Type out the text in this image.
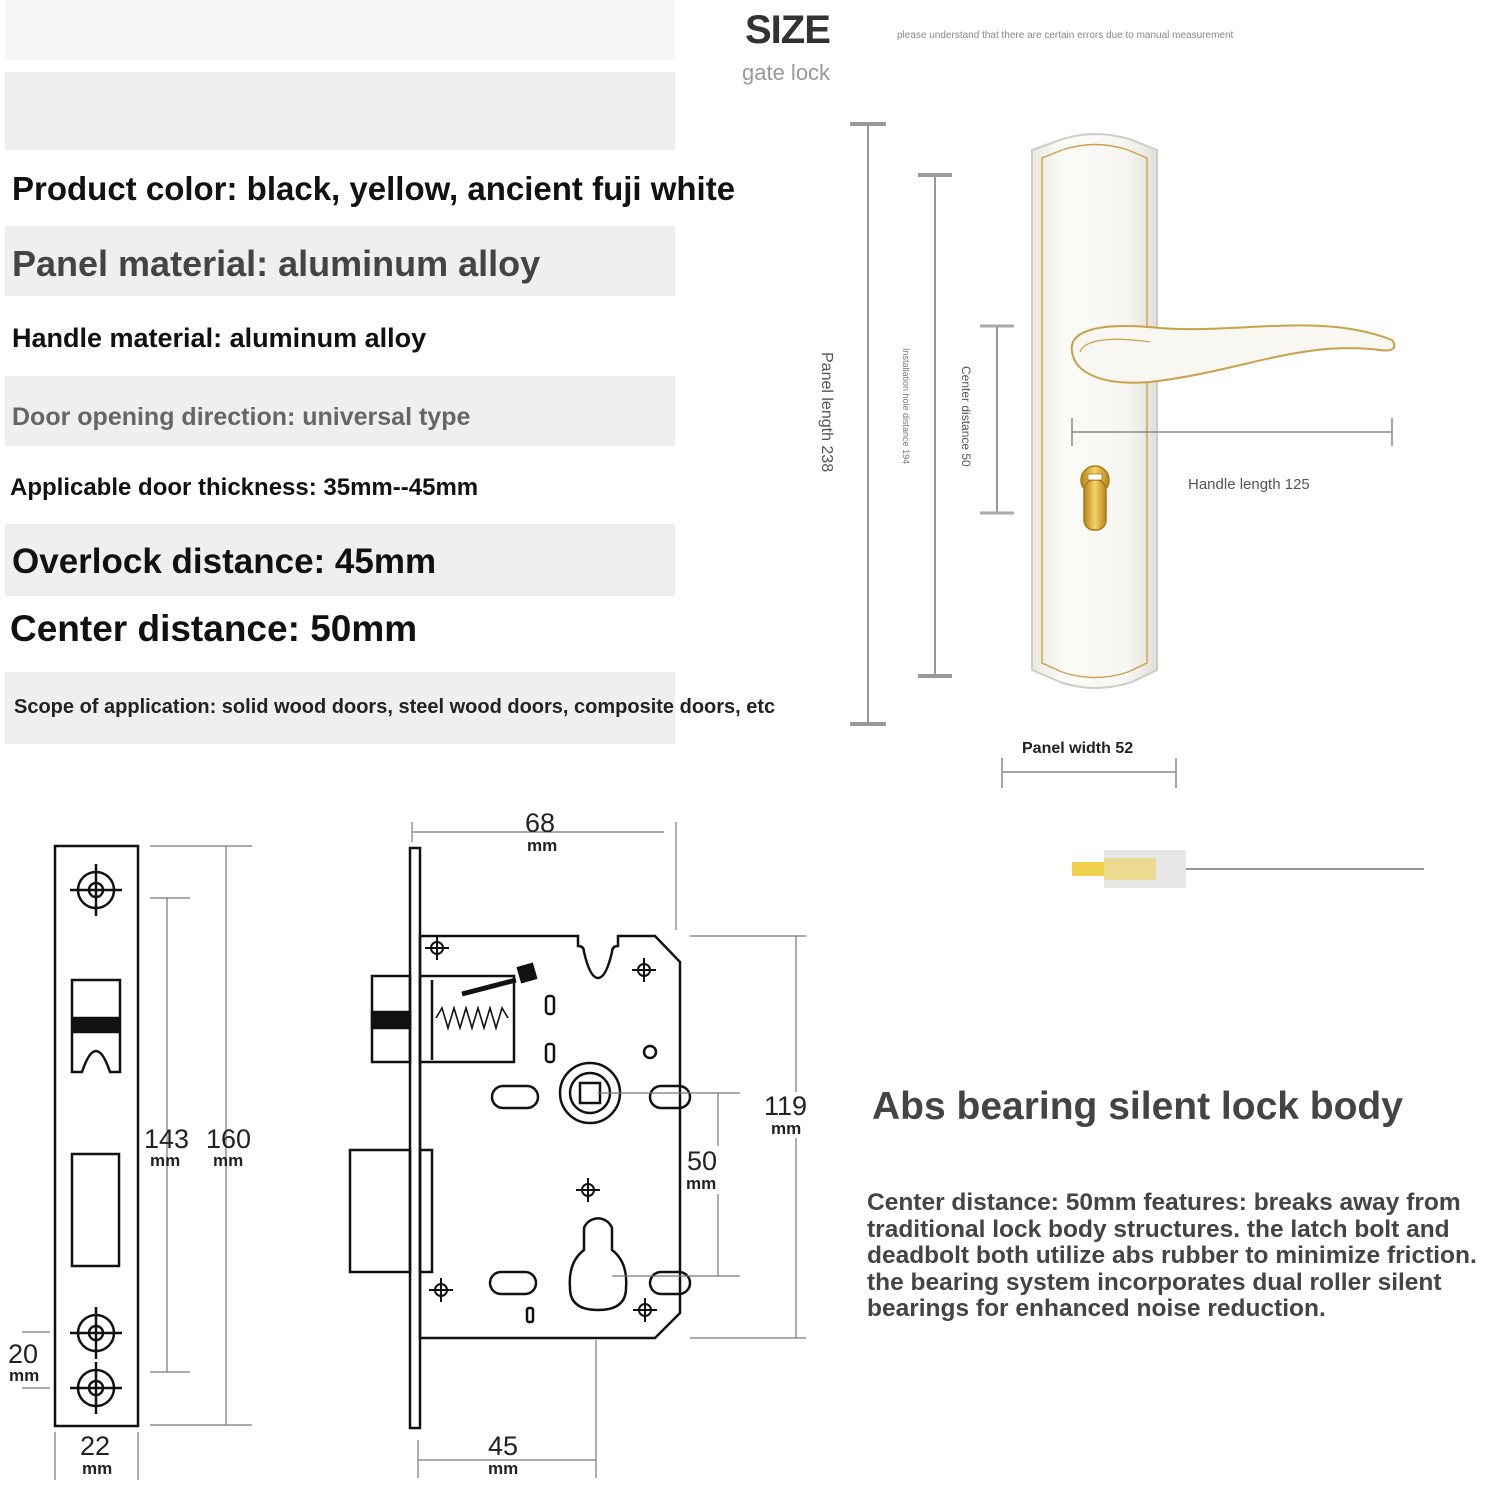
SIZE
gate lock
please understand that there are certain errors due to manual measurement
Product color: black, yellow, ancient fuji white
Panel material: aluminum alloy
Handle material: aluminum alloy
Door opening direction: universal type
Applicable door thickness: 35mm--45mm
Overlock distance: 45mm
Center distance: 50mm
Scope of application: solid wood doors, steel wood doors, composite doors, etc
Panel length 238	Installation hole distance 194	Center distance 50
Handle length 125
Panel width 52
143
mm
160
mm
20
mm
22
mm
68
mm
119
mm
50
mm
45
mm
Abs bearing silent lock body
Center distance: 50mm features: breaks away from traditional lock body structures. the latch bolt and deadbolt both utilize abs rubber to minimize friction. the bearing system incorporates dual roller silent bearings for enhanced noise reduction.
